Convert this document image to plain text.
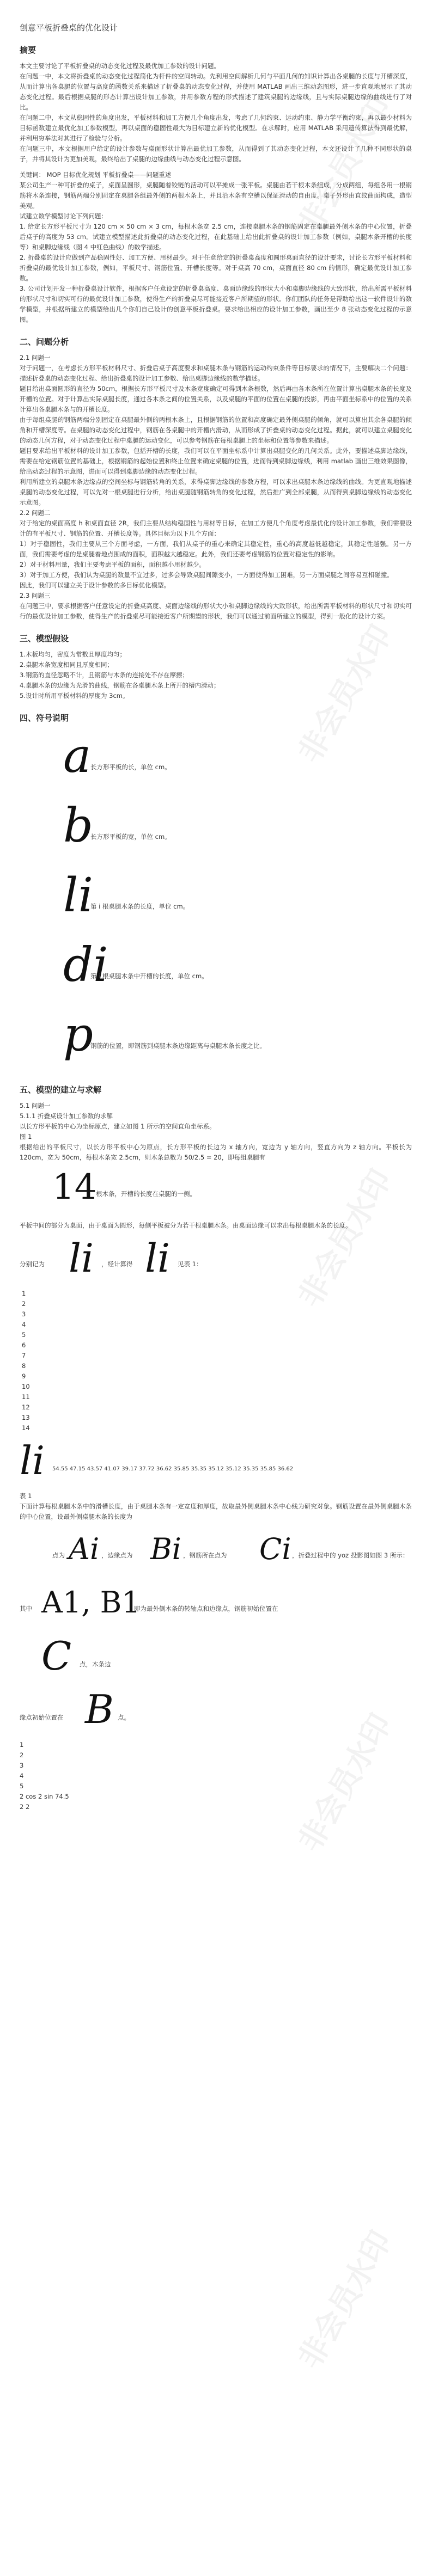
创意平板折叠桌的优化设计
摘要

本文主要讨论了平板折叠桌的动态变化过程及最优加工参数的设计问题。

在问题一中，本文将折叠桌的动态变化过程简化为杆件的空间转动。先利用空间解析几何与平面几何的知识计算出各桌腿的长度与开槽深度，从而计算出各桌腿的位置与高度的函数关系来描述了折叠桌的动态变化过程，并使用 MATLAB 画出三维动态图形，进一步直观地展示了其动态变化过程。最后根据桌腿的形态计算出设计加工参数，并用参数方程的形式描述了建筑桌腿的边缘线，且与实际桌腿边缘的曲线进行了对比。

在问题二中，本文从稳固性的角度出发，平板材料和加工方便几个角度出发，考虑了几何约束、运动约束、静力学平衡约束，再以最少材料为目标函数建立最优化加工参数模型，再以桌面的稳固性最大为目标建立新的优化模型。在求解时，应用 MATLAB 采用遗传算法得到最优解，并利用穷举法对其进行了检验与分析。

在问题三中，本文根据用户给定的设计参数与桌面形状计算出最优加工参数，从而得到了其动态变化过程，本文还设计了几种不同形状的桌子，并将其设计为更加美观，最终给出了桌腿的边缘曲线与动态变化过程示意图。

关键词： MOP 目标优化规划 平板折叠桌——问题重述

某公司生产一种可折叠的桌子，桌面呈圆形，桌腿随着铰链的活动可以平摊成一张平板。桌腿由若干根木条组成，分成两组，每组各用一根钢筋将木条连接，钢筋两端分别固定在桌腿各组最外侧的两根木条上，并且沿木条有空槽以保证滑动的自由度。桌子外形由直纹曲面构成，造型美观。

试建立数学模型讨论下列问题：

1. 给定长方形平板尺寸为 120 cm × 50 cm × 3 cm，每根木条宽 2.5 cm，连接桌腿木条的钢筋固定在桌腿最外侧木条的中心位置，折叠后桌子的高度为 53 cm。试建立模型描述此折叠桌的动态变化过程，在此基础上给出此折叠桌的设计加工参数（例如，桌腿木条开槽的长度等）和桌脚边缘线（图 4 中红色曲线）的数学描述。

2. 折叠桌的设计应做到产品稳固性好、加工方便、用材最少。对于任意给定的折叠桌高度和圆形桌面直径的设计要求，讨论长方形平板材料和折叠桌的最优设计加工参数，例如，平板尺寸、钢筋位置、开槽长度等。对于桌高 70 cm，桌面直径 80 cm 的情形，确定最优设计加工参数。

3. 公司计划开发一种折叠桌设计软件，根据客户任意设定的折叠桌高度、桌面边缘线的形状大小和桌脚边缘线的大致形状，给出所需平板材料的形状尺寸和切实可行的最优设计加工参数，使得生产的折叠桌尽可能接近客户所期望的形状。你们团队的任务是帮助给出这一软件设计的数学模型，并根据所建立的模型给出几个你们自己设计的创意平板折叠桌。要求给出相应的设计加工参数，画出至少 8 张动态变化过程的示意图。

二、问题分析

2.1 问题一

对于问题一，在考虑长方形平板材料尺寸、折叠后桌子高度要求和桌腿木条与钢筋的运动约束条件等目标要求的情况下，主要解决二个问题：描述折叠桌的动态变化过程、给出折叠桌的设计加工参数、给出桌脚边缘线的数学描述。

题目给出桌面圆形的直径为 50cm，根据长方形平板尺寸及木条宽度确定可得到木条根数，然后再由各木条所在位置计算出桌腿木条的长度及开槽的位置。对于计算出实际桌腿长度，通过各木条之间的位置关系，以及桌腿的平面的位置在桌腿的投影，再由平面坐标系中的位置的关系计算出各桌腿木条与的开槽长度。

由于每组桌腿的钢筋两端分别固定在桌腿最外侧的两根木条上，且根据钢筋的位置和高度确定最外侧桌腿的倾角，就可以算出其余各桌腿的倾角和开槽深度等。在桌腿的动态变化过程中，钢筋在各桌腿中的开槽内滑动，从而形成了折叠桌的动态变化过程。据此，就可以建立桌腿变化的动态几何方程，对于动态变化过程中桌腿的运动变化，可以参考钢筋在每根桌腿上的坐标和位置等参数来描述。

题目要求给出平板材料的设计加工参数，包括开槽的长度，我们可以在平面坐标系中计算出桌腿变化的几何关系。此外，要描述桌脚边缘线，需要在给定钢筋位置的基础上，根据钢筋的起始位置和终止位置来确定桌腿的位置，进而得到桌脚边缘线，利用 matlab 画出三维效果图像，给出动态过程的示意图，进而可以得到桌脚边缘的动态变化过程。

利用所建立的桌腿木条边缘点的空间坐标与钢筋转角的关系，求得桌脚边缘线的参数方程，可以求出桌腿木条边缘线的曲线。为更直观地描述桌腿的动态变化过程，可以先对一根桌腿进行分析，给出桌腿随钢筋转角的变化过程，然后推广到全部桌腿，从而得到桌脚边缘线的动态变化示意图。

2.2 问题二

对于给定的桌面高度 h 和桌面直径 2R，我们主要从结构稳固性与用材等目标，在加工方便几个角度考虑最优化的设计加工参数，我们需要设计的有平板尺寸、钢筋的位置、开槽长度等。具体目标为以下几个方面：

1）对于稳固性，我们主要从三个方面考虑，一方面，我们从桌子的重心来确定其稳定性，重心的高度越低越稳定，其稳定性越强。另一方面，我们需要考虑的是桌腿着地点围成的面积，面积越大越稳定。此外，我们还要考虑钢筋的位置对稳定性的影响。

2）对于材料用量，我们主要考虑平板的面积，面积越小用材越少。

3）对于加工方便，我们认为桌腿的数量不宜过多，过多会导致桌腿间隙变小，一方面使得加工困难，另一方面桌腿之间容易互相碰撞。

因此，我们可以建立关于设计参数的多目标优化模型。

2.3 问题三

在问题三中，要求根据客户任意设定的折叠桌高度、桌面边缘线的形状大小和桌脚边缘线的大致形状，给出所需平板材料的形状尺寸和切实可行的最优设计加工参数，使得生产的折叠桌尽可能接近客户所期望的形状，我们可以通过前面所建立的模型，得到一般化的设计方案。

三、模型假设

1.木板均匀，密度为常数且厚度均匀；

2.桌腿木条宽度相同且厚度相同；

3.钢筋的直径忽略不计，且钢筋与木条的连接处不存在摩擦；

4.桌腿木条的边缘为光滑的曲线，钢筋在各桌腿木条上所开的槽内滑动；

5.设计时所用平板材料的厚度为 3cm。

四、符号说明
a
长方形平板的长，单位 cm。
b
长方形平板的宽，单位 cm。
li
第 i 根桌腿木条的长度，单位 cm。
di
第 i 根桌腿木条中开槽的长度，单位 cm。
p
钢筋的位置，即钢筋到桌腿木条边缘距离与桌腿木条长度之比。
五、模型的建立与求解

5.1 问题一

5.1.1 折叠桌设计加工参数的求解

以长方形平板的中心为坐标原点，建立如图 1 所示的空间直角坐标系。

图 1

根据给出的平板尺寸，以长方形平板中心为原点，长方形平板的长边为 x 轴方向，宽边为 y 轴方向，竖直方向为 z 轴方向。平板长为 120cm，宽为 50cm，每根木条宽 2.5cm，则木条总数为 50/2.5 = 20，即每组桌腿有

14
根木条，开槽的长度在桌腿的一侧。

平板中间的部分为桌面，由于桌面为圆形，每侧平板被分为若干根桌腿木条。由桌面边缘可以求出每根桌腿木条的长度。

分别记为 li ，经计算得 li 见表 1：
1
2
3
4
5
6
7
8
9
10
11
12
13
14
li 54.55 47.15 43.57 41.07 39.17 37.72 36.62 35.85 35.35 35.12 35.12 35.35 35.85 36.62

表 1

下面计算每根桌腿木条中的滑槽长度，由于桌腿木条有一定宽度和厚度，故取最外侧桌腿木条中心线为研究对象。钢筋设置在最外侧桌腿木条的中心位置，设最外侧桌腿木条的长度为

点为 Ai ，边缘点为 Bi ，钢筋所在点为 Ci ，折叠过程中的 yoz 投影图如图 3 所示：
其中 A1, B1
即为最外侧木条的转轴点和边缘点，钢筋初始位置在
C 点，木条边
缘点初始位置在 B 点。
1
2
3
4
5
2 cos 2 sin 74.5
2 2
非会员水印
非会员水印
非会员水印
非会员水印
非会员水印
